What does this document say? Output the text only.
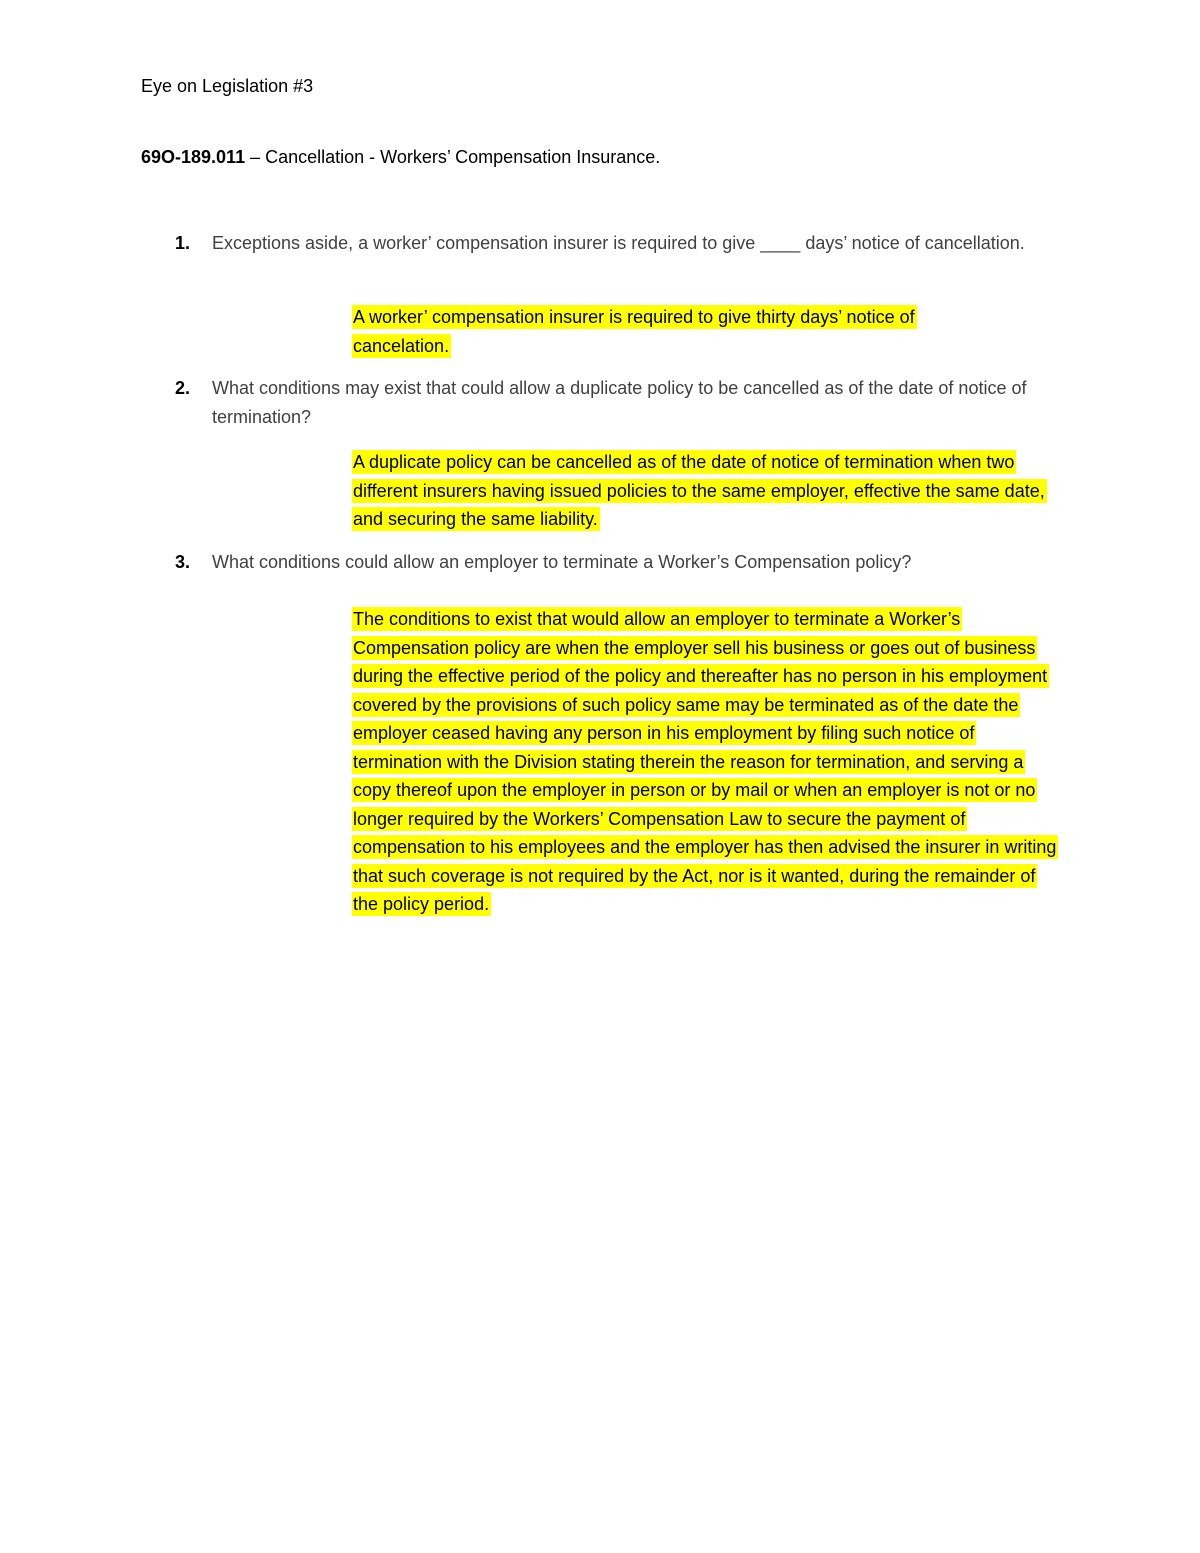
Eye on Legislation #3
69O-189.011 – Cancellation - Workers’ Compensation Insurance.
1.	Exceptions aside, a worker’ compensation insurer is required to give ____ days’ notice of cancellation.
A worker’ compensation insurer is required to give thirty days’ notice of cancelation.
2.	What conditions may exist that could allow a duplicate policy to be cancelled as of the date of notice of termination?
A duplicate policy can be cancelled as of the date of notice of termination when two different insurers having issued policies to the same employer, effective the same date, and securing the same liability.
3.	What conditions could allow an employer to terminate a Worker’s Compensation policy?
The conditions to exist that would allow an employer to terminate a Worker’s Compensation policy are when the employer sell his business or goes out of business during the effective period of the policy and thereafter has no person in his employment covered by the provisions of such policy same may be terminated as of the date the employer ceased having any person in his employment by filing such notice of termination with the Division stating therein the reason for termination, and serving a copy thereof upon the employer in person or by mail or when an employer is not or no longer required by the Workers’ Compensation Law to secure the payment of compensation to his employees and the employer has then advised the insurer in writing that such coverage is not required by the Act, nor is it wanted, during the remainder of the policy period.
